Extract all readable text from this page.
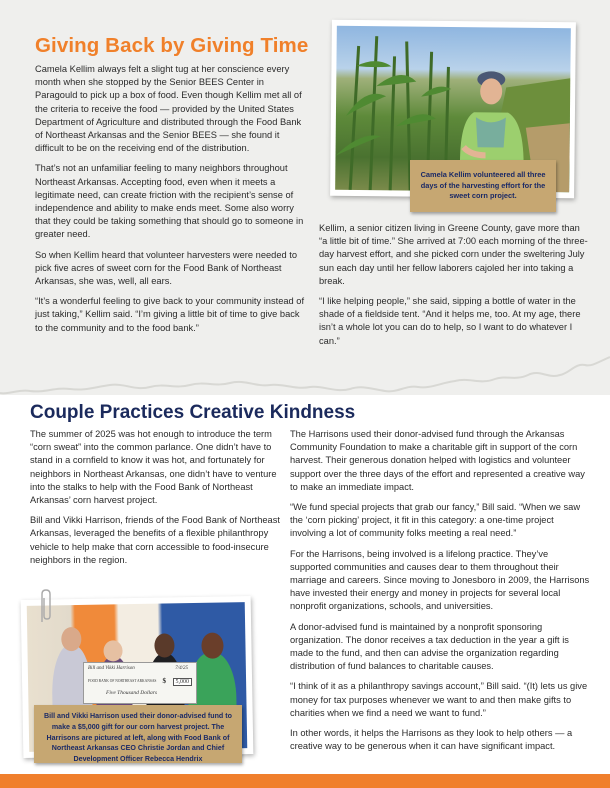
Giving Back by Giving Time

Camela Kellim always felt a slight tug at her conscience every month when she stopped by the Senior BEES Center in Paragould to pick up a box of food. Even though Kellim met all of the criteria to receive the food — provided by the United States Department of Agriculture and distributed through the Food Bank of Northeast Arkansas and the Senior BEES — she found it difficult to be on the receiving end of the distribution.

That’s not an unfamiliar feeling to many neighbors throughout Northeast Arkansas. Accepting food, even when it meets a legitimate need, can create friction with the recipient’s sense of independence and ability to make ends meet. Some also worry that they could be taking something that should go to someone in greater need.

So when Kellim heard that volunteer harvesters were needed to pick five acres of sweet corn for the Food Bank of Northeast Arkansas, she was, well, all ears.

“It’s a wonderful feeling to give back to your community instead of just taking,” Kellim said. “I’m giving a little bit of time to give back to the community and to the food bank.”

Camela Kellim volunteered all three days of the harvesting effort for the sweet corn project.

Kellim, a senior citizen living in Greene County, gave more than “a little bit of time.” She arrived at 7:00 each morning of the three-day harvest effort, and she picked corn under the sweltering July sun each day until her fellow laborers cajoled her into taking a break.

“I like helping people,” she said, sipping a bottle of water in the shade of a fieldside tent. “And it helps me, too. At my age, there isn’t a whole lot you can do to help, so I want to do whatever I can.”

Couple Practices Creative Kindness

The summer of 2025 was hot enough to introduce the term “corn sweat” into the common parlance. One didn’t have to stand in a cornfield to know it was hot, and fortunately for neighbors in Northeast Arkansas, one didn’t have to venture into the stalks to help with the Food Bank of Northeast Arkansas’ corn harvest project.

Bill and Vikki Harrison, friends of the Food Bank of Northeast Arkansas, leveraged the benefits of a flexible philanthropy vehicle to help make that corn accessible to food-insecure neighbors in the region.

The Harrisons used their donor-advised fund through the Arkansas Community Foundation to make a charitable gift in support of the corn harvest. Their generous donation helped with logistics and volunteer support over the three days of the effort and represented a creative way to make an immediate impact.

“We fund special projects that grab our fancy,” Bill said. “When we saw the ‘corn picking’ project, it fit in this category: a one-time project involving a lot of community folks meeting a real need.”

For the Harrisons, being involved is a lifelong practice. They’ve supported communities and causes dear to them throughout their marriage and careers. Since moving to Jonesboro in 2009, the Harrisons have invested their energy and money in projects for several local nonprofit organizations, schools, and universities.

A donor-advised fund is maintained by a nonprofit sponsoring organization. The donor receives a tax deduction in the year a gift is made to the fund, and then can advise the organization regarding distribution of fund balances to charitable causes.

“I think of it as a philanthropy savings account,” Bill said. “(It) lets us give money for tax purposes whenever we want to and then make gifts to charities when we find a need we want to fund.”

In other words, it helps the Harrisons as they look to help others — a creative way to be generous when it can have significant impact.

Bill and Vikki Harrison	7/4/25
FOOD BANK OF NORTHEAST ARKANSAS $	5,000
Five Thousand Dollars
Bill and Vikki Harrison used their donor-advised fund to make a $5,000 gift for our corn harvest project. The Harrisons are pictured at left, along with Food Bank of Northeast Arkansas CEO Christie Jordan and Chief Development Officer Rebecca Hendrix
